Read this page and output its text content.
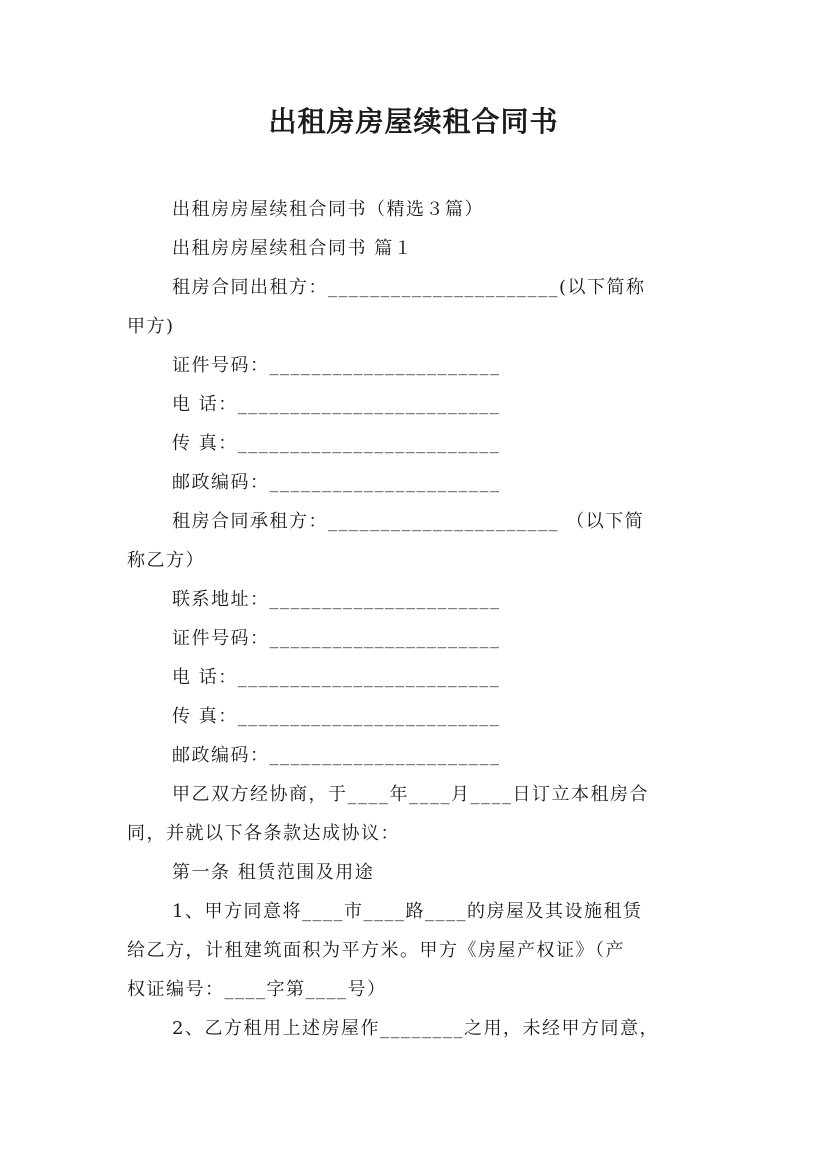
出租房房屋续租合同书
出租房房屋续租合同书（精选３篇）
出租房房屋续租合同书 篇１
租房合同出租方：______________________(以下简称
甲方)
证件号码：______________________
电 话：_________________________
传 真：_________________________
邮政编码：______________________
租房合同承租方：______________________ （以下简
称乙方）
联系地址：______________________
证件号码：______________________
电 话：_________________________
传 真：_________________________
邮政编码：______________________
甲乙双方经协商，于____年____月____日订立本租房合
同，并就以下各条款达成协议：
第一条 租赁范围及用途
1、甲方同意将____市____路____的房屋及其设施租赁
给乙方，计租建筑面积为平方米。甲方《房屋产权证》（产
权证编号：____字第____号）
2、乙方租用上述房屋作________之用，未经甲方同意，
